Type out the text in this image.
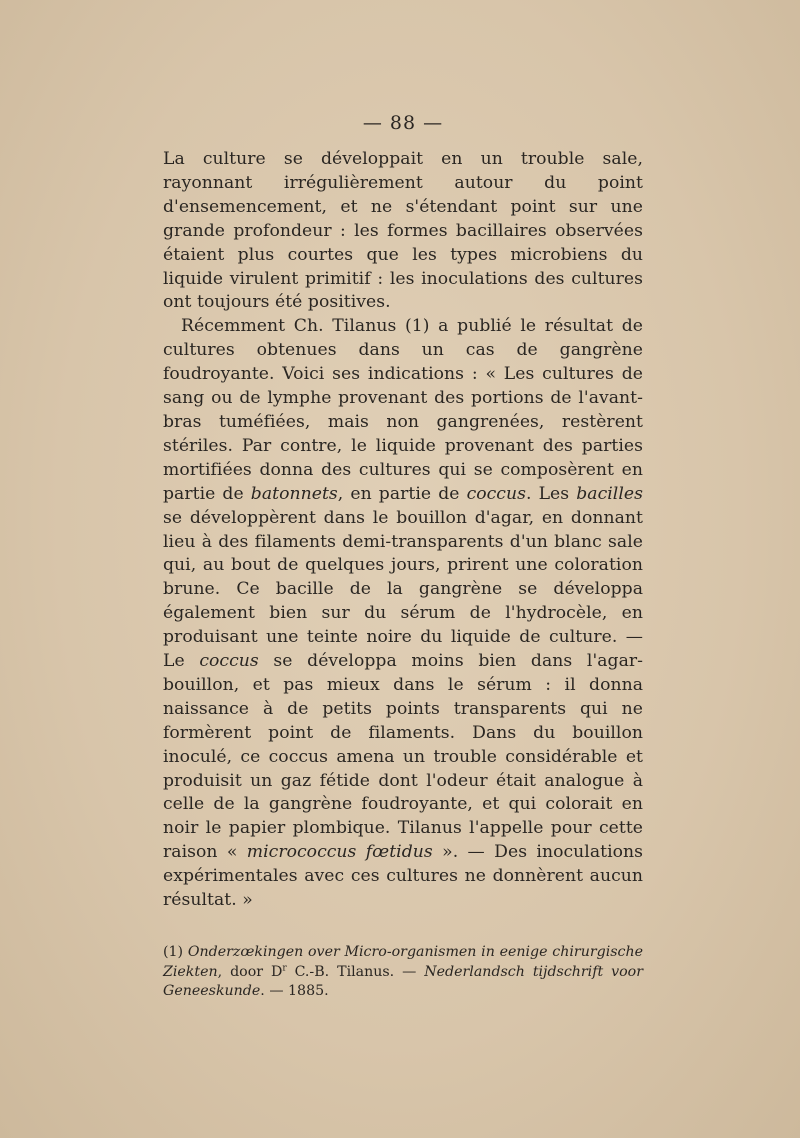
— 88 —

La culture se développait en un trouble sale, rayonnant irrégulièrement autour du point d'ensemencement, et ne s'étendant point sur une grande profondeur : les formes bacillaires observées étaient plus courtes que les types microbiens du liquide virulent primitif : les inoculations des cultures ont toujours été positives.

Récemment Ch. Tilanus (1) a publié le résultat de cultures obtenues dans un cas de gangrène foudroyante. Voici ses indications : « Les cultures de sang ou de lymphe provenant des portions de l'avant-bras tuméfiées, mais non gangrenées, restèrent stériles. Par contre, le liquide provenant des parties mortifiées donna des cultures qui se composèrent en partie de batonnets, en partie de coccus. Les bacilles se développèrent dans le bouillon d'agar, en donnant lieu à des filaments demi-transparents d'un blanc sale qui, au bout de quelques jours, prirent une coloration brune. Ce bacille de la gangrène se développa également bien sur du sérum de l'hydrocèle, en produisant une teinte noire du liquide de culture. — Le coccus se développa moins bien dans l'agar-bouillon, et pas mieux dans le sérum : il donna naissance à de petits points transparents qui ne formèrent point de filaments. Dans du bouillon inoculé, ce coccus amena un trouble considérable et produisit un gaz fétide dont l'odeur était analogue à celle de la gangrène foudroyante, et qui colorait en noir le papier plombique. Tilanus l'appelle pour cette raison « micrococcus fœtidus ». — Des inoculations expérimentales avec ces cultures ne donnèrent aucun résultat. »

(1) Onderzœkingen over Micro-organismen in eenige chirurgische Ziekten, door $D^r$ C.-B. Tilanus. — Nederlandsch tijdschrift voor Geneeskunde. — 1885.
